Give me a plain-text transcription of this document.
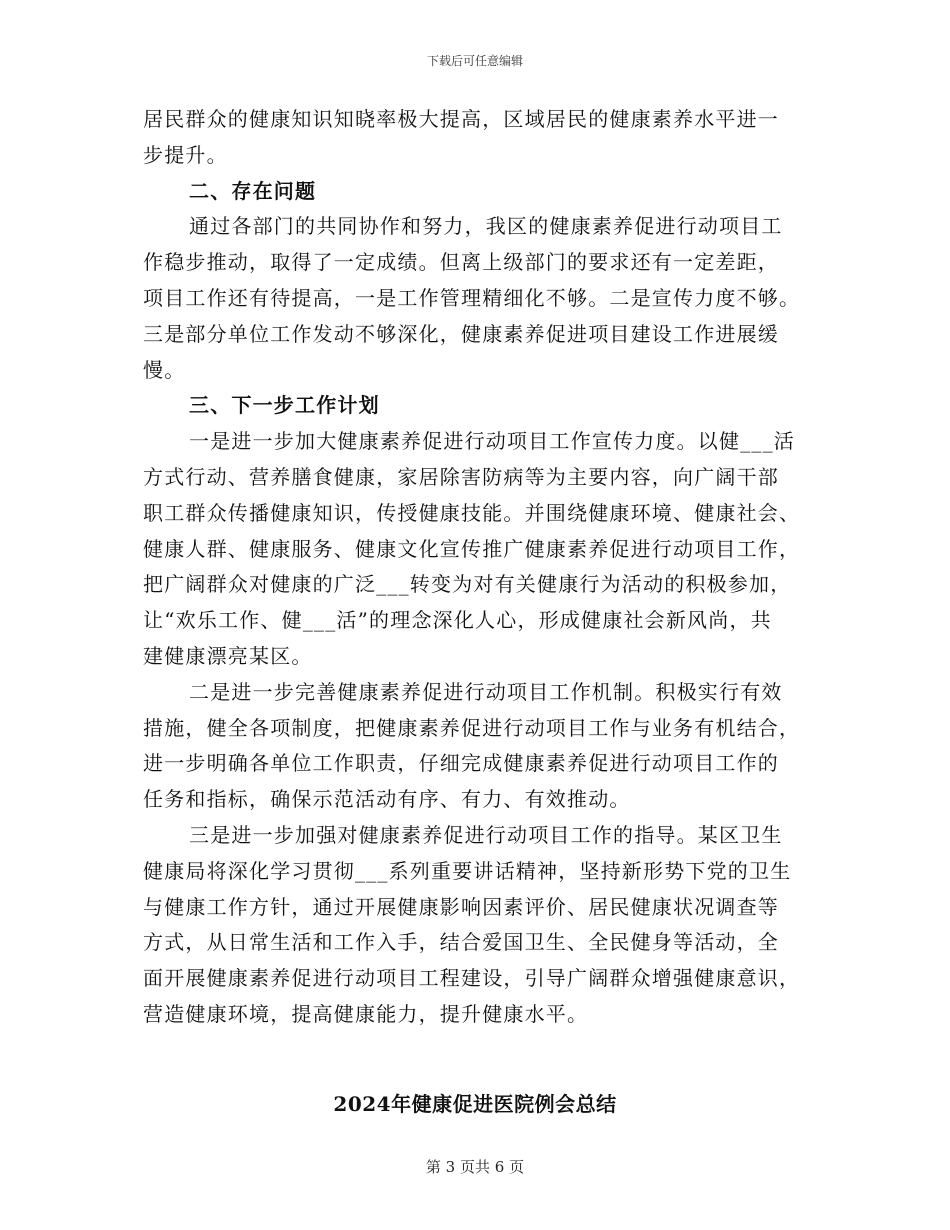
下载后可任意编辑
居民群众的健康知识知晓率极大提高，区域居民的健康素养水平进一
步提升。
二、存在问题
通过各部门的共同协作和努力，我区的健康素养促进行动项目工
作稳步推动，取得了一定成绩。但离上级部门的要求还有一定差距，
项目工作还有待提高，一是工作管理精细化不够。二是宣传力度不够。
三是部分单位工作发动不够深化，健康素养促进项目建设工作进展缓
慢。
三、下一步工作计划
一是进一步加大健康素养促进行动项目工作宣传力度。以健___活
方式行动、营养膳食健康，家居除害防病等为主要内容，向广阔干部
职工群众传播健康知识，传授健康技能。并围绕健康环境、健康社会、
健康人群、健康服务、健康文化宣传推广健康素养促进行动项目工作，
把广阔群众对健康的广泛___转变为对有关健康行为活动的积极参加，
让“欢乐工作、健___活”的理念深化人心，形成健康社会新风尚，共
建健康漂亮某区。
二是进一步完善健康素养促进行动项目工作机制。积极实行有效
措施，健全各项制度，把健康素养促进行动项目工作与业务有机结合，
进一步明确各单位工作职责，仔细完成健康素养促进行动项目工作的
任务和指标，确保示范活动有序、有力、有效推动。
三是进一步加强对健康素养促进行动项目工作的指导。某区卫生
健康局将深化学习贯彻___系列重要讲话精神，坚持新形势下党的卫生
与健康工作方针，通过开展健康影响因素评价、居民健康状况调查等
方式，从日常生活和工作入手，结合爱国卫生、全民健身等活动，全
面开展健康素养促进行动项目工程建设，引导广阔群众增强健康意识，
营造健康环境，提高健康能力，提升健康水平。
2024年健康促进医院例会总结
第 3 页共 6 页
